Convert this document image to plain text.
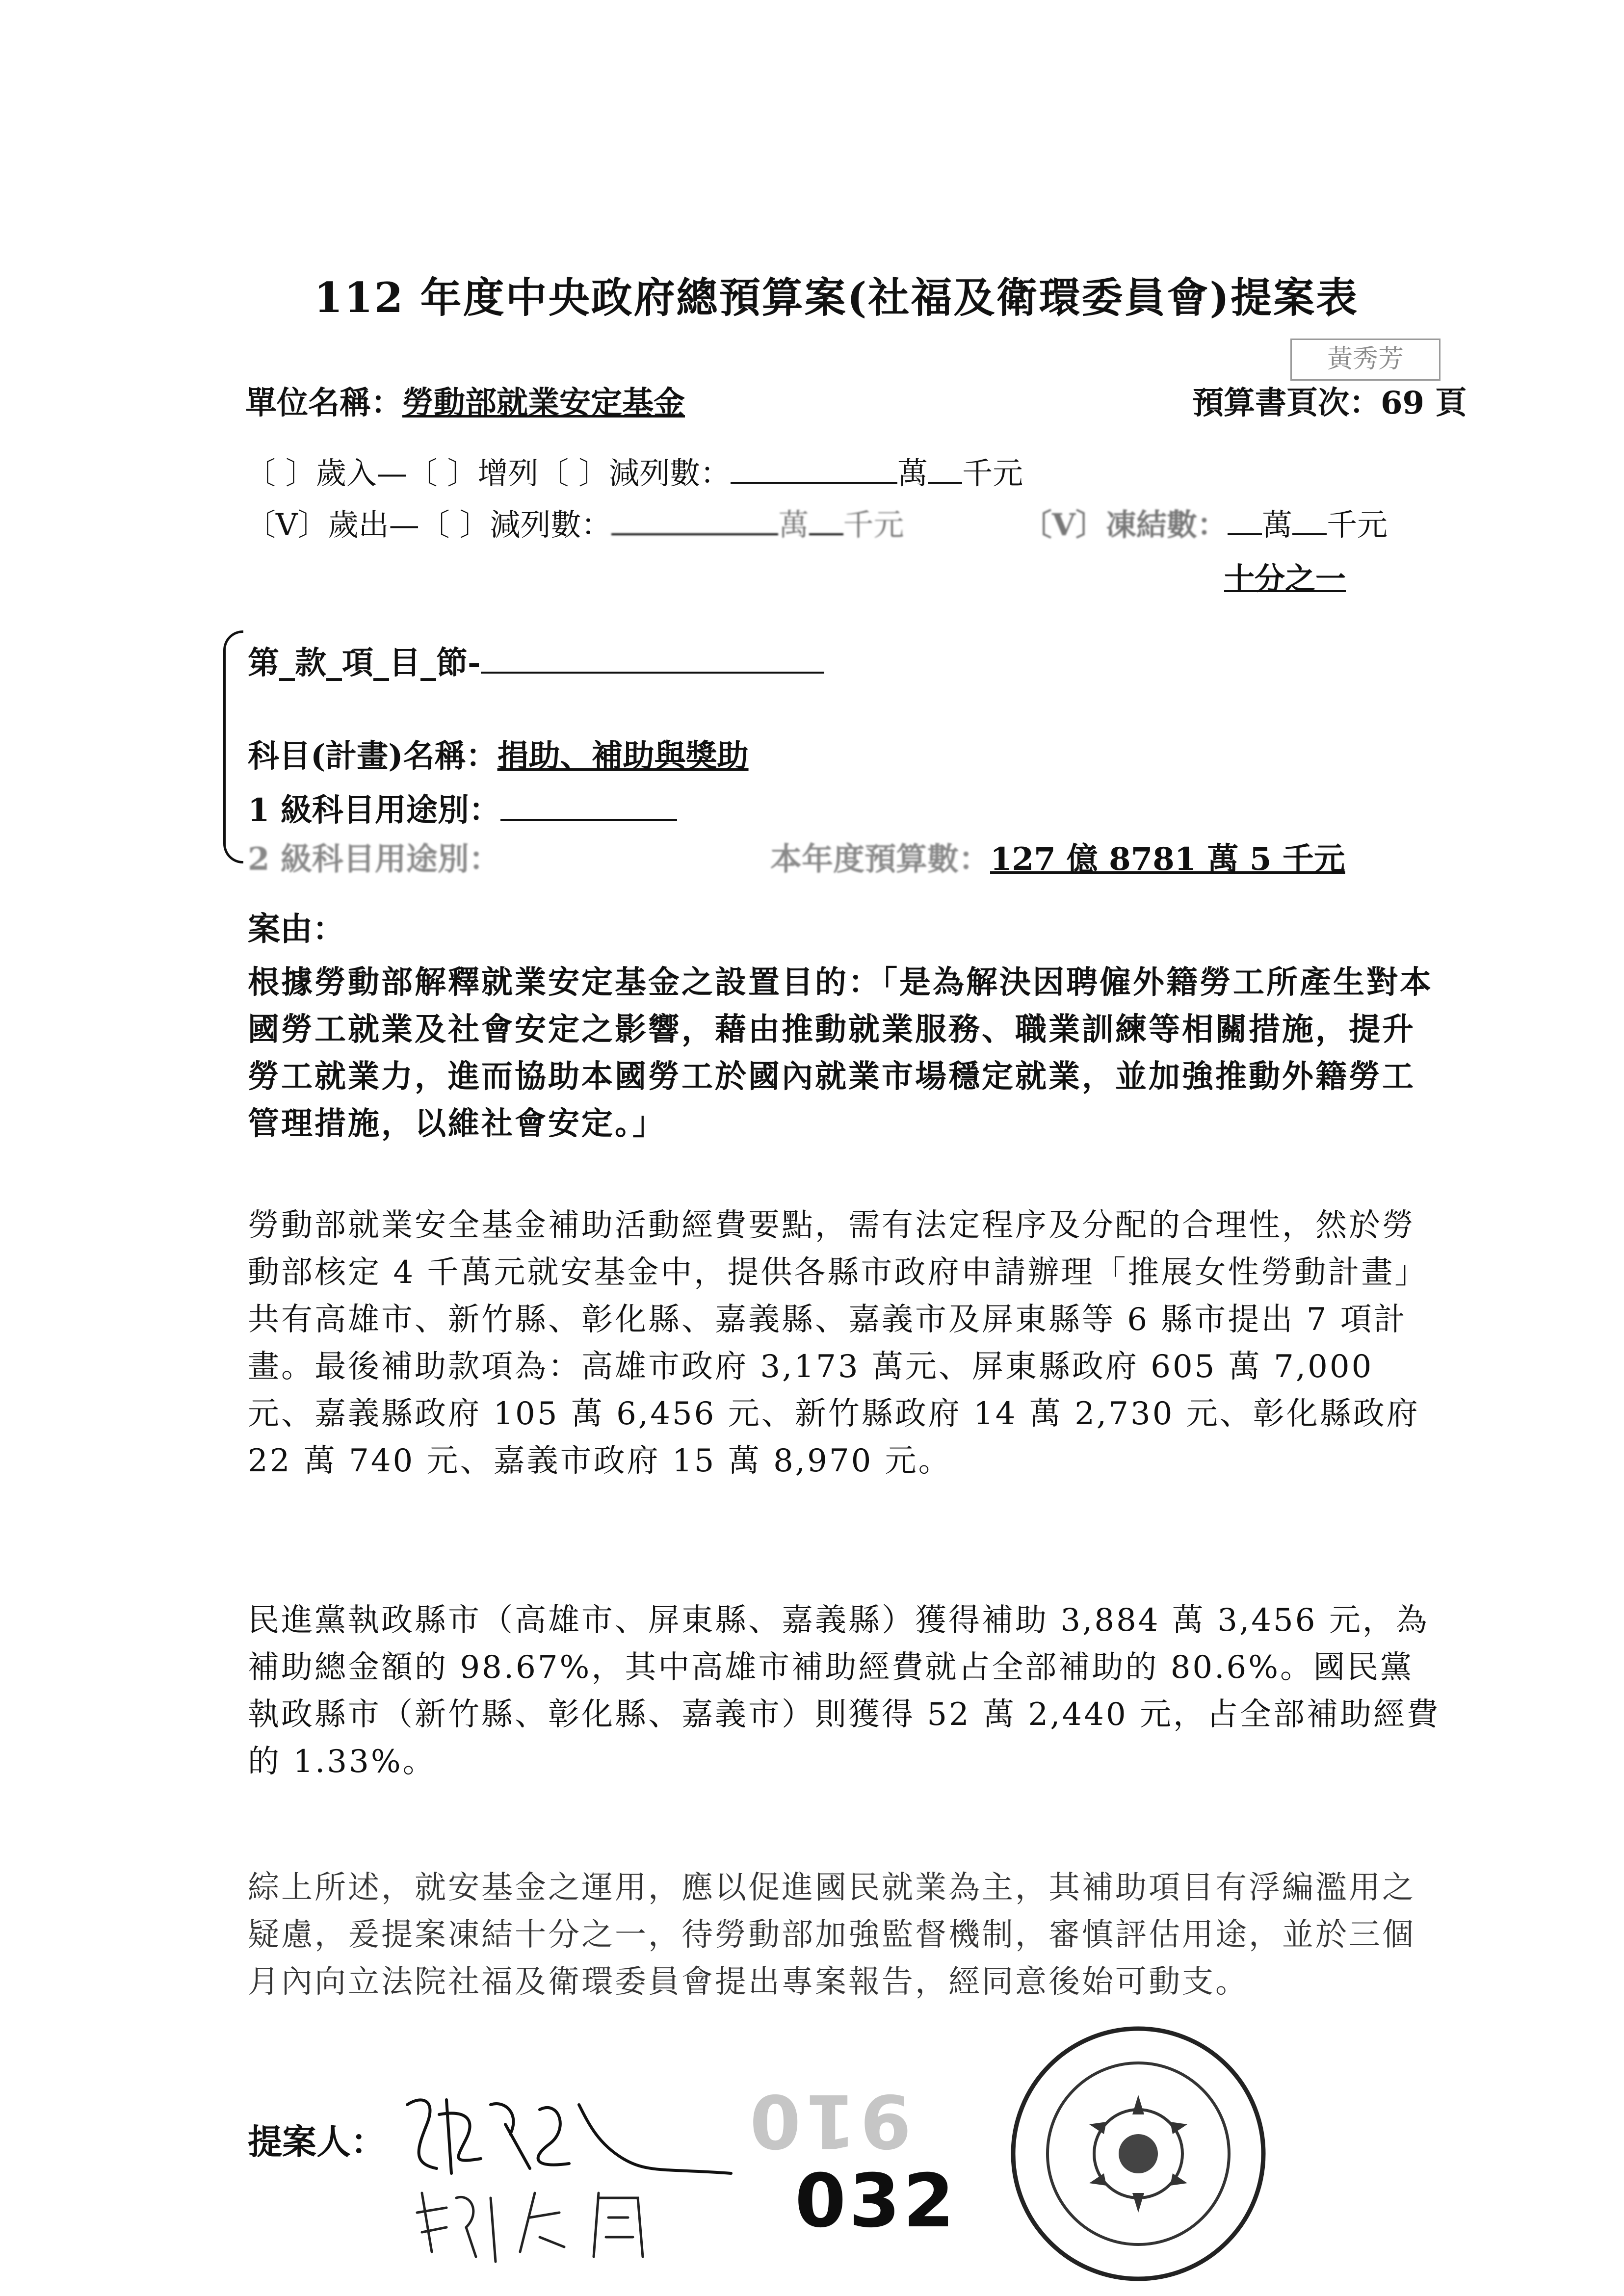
112 年度中央政府總預算案(社福及衛環委員會)提案表
黃秀芳
單位名稱：勞動部就業安定基金	預算書頁次：69 頁
〔 〕歲入—〔 〕增列〔 〕減列數：	萬 千元
〔V〕歲出—〔 〕減列數：	萬 千元	〔V〕凍結數： 萬 千元
十分之一
第_款_項_目_節-
科目(計畫)名稱：捐助、補助與獎助
1 級科目用途別：
2 級科目用途別：	本年度預算數：127 億 8781 萬 5 千元
案由：
根據勞動部解釋就業安定基金之設置目的：「是為解決因聘僱外籍勞工所產生對本國勞工就業及社會安定之影響，藉由推動就業服務、職業訓練等相關措施，提升勞工就業力，進而協助本國勞工於國內就業市場穩定就業，並加強推動外籍勞工管理措施，以維社會安定。」
勞動部就業安全基金補助活動經費要點，需有法定程序及分配的合理性，然於勞動部核定 4 千萬元就安基金中，提供各縣市政府申請辦理「推展女性勞動計畫」共有高雄市、新竹縣、彰化縣、嘉義縣、嘉義市及屏東縣等 6 縣市提出 7 項計畫。最後補助款項為：高雄市政府 3,173 萬元、屏東縣政府 605 萬 7,000 元、嘉義縣政府 105 萬 6,456 元、新竹縣政府 14 萬 2,730 元、彰化縣政府 22 萬 740 元、嘉義市政府 15 萬 8,970 元。
民進黨執政縣市（高雄市、屏東縣、嘉義縣）獲得補助 3,884 萬 3,456 元，為補助總金額的 98.67%，其中高雄市補助經費就占全部補助的 80.6%。國民黨執政縣市（新竹縣、彰化縣、嘉義市）則獲得 52 萬 2,440 元，占全部補助經費的 1.33%。
綜上所述，就安基金之運用，應以促進國民就業為主，其補助項目有浮編濫用之疑慮，爰提案凍結十分之一，待勞動部加強監督機制，審慎評估用途，並於三個月內向立法院社福及衛環委員會提出專案報告，經同意後始可動支。
提案人：	910
032
